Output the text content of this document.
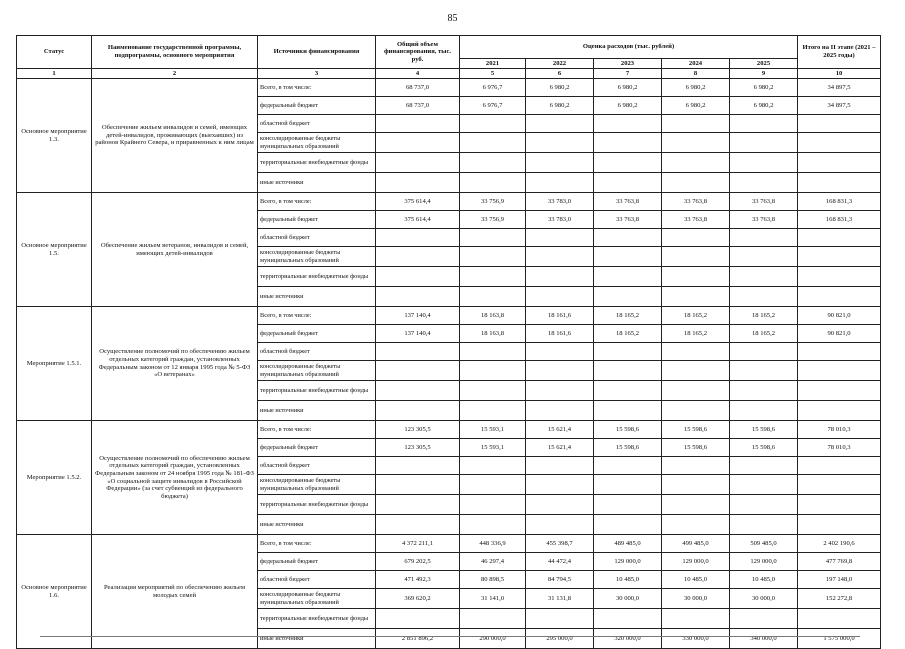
85
Статус	Наименование государственной программы, подпрограммы, основного мероприятия	Источники финансирования	Общий объем финансирования, тыс. руб.	Оценка расходов (тыс. рублей)					Итого на II этапе (2021 – 2025 годы)
				2021	2022	2023	2024	2025	
1	2	3	4	5	6	7	8	9	10
Основное мероприятие 1.3.	Обеспечение жильем инвалидов и семей, имеющих детей-инвалидов, проживающих (выехавших) из районов Крайнего Севера, и приравненных к ним лицам	Всего, в том числе:	68 737,0	6 976,7	6 980,2	6 980,2	6 980,2	6 980,2	34 897,5
		федеральный бюджет	68 737,0	6 976,7	6 980,2	6 980,2	6 980,2	6 980,2	34 897,5
		областной бюджет							
		консолидированные бюджеты муниципальных образований							
		территориальные внебюджетные фонды							
		иные источники							
Основное мероприятие 1.5.	Обеспечение жильем ветеранов, инвалидов и семей, имеющих детей-инвалидов	Всего, в том числе:	375 614,4	33 756,9	33 783,0	33 763,8	33 763,8	33 763,8	168 831,3
		федеральный бюджет	375 614,4	33 756,9	33 783,0	33 763,8	33 763,8	33 763,8	168 831,3
		областной бюджет							
		консолидированные бюджеты муниципальных образований							
		территориальные внебюджетные фонды							
		иные источники							
Мероприятие 1.5.1.	Осуществление полномочий по обеспечению жильем отдельных категорий граждан, установленных Федеральным законом от 12 января 1995 года № 5-ФЗ «О ветеранах»	Всего, в том числе:	137 140,4	18 163,8	18 161,6	18 165,2	18 165,2	18 165,2	90 821,0
		федеральный бюджет	137 140,4	18 163,8	18 161,6	18 165,2	18 165,2	18 165,2	90 821,0
		областной бюджет							
		консолидированные бюджеты муниципальных образований							
		территориальные внебюджетные фонды							
		иные источники							
Мероприятие 1.5.2.	Осуществление полномочий по обеспечению жильем отдельных категорий граждан, установленных Федеральным законом от 24 ноября 1995 года № 181-ФЗ «О социальной защите инвалидов в Российской Федерации» (за счет субвенций из федерального бюджета)	Всего, в том числе:	123 305,5	15 593,1	15 621,4	15 598,6	15 598,6	15 598,6	78 010,3
		федеральный бюджет	123 305,5	15 593,1	15 621,4	15 598,6	15 598,6	15 598,6	78 010,3
		областной бюджет							
		консолидированные бюджеты муниципальных образований							
		территориальные внебюджетные фонды							
		иные источники							
Основное мероприятие 1.6.	Реализация мероприятий по обеспечению жильем молодых семей	Всего, в том числе:	4 372 211,1	448 336,9	455 398,7	489 485,0	499 485,0	509 485,0	2 402 190,6
		федеральный бюджет	679 202,5	46 297,4	44 472,4	129 000,0	129 000,0	129 000,0	477 769,8
		областной бюджет	471 492,3	80 898,5	84 794,5	10 485,0	10 485,0	10 485,0	197 148,0
		консолидированные бюджеты муниципальных образований	369 620,2	31 141,0	31 131,8	30 000,0	30 000,0	30 000,0	152 272,8
		территориальные внебюджетные фонды							
		иные источники	2 851 896,2	290 000,0	295 000,0	320 000,0	330 000,0	340 000,0	1 575 000,0
